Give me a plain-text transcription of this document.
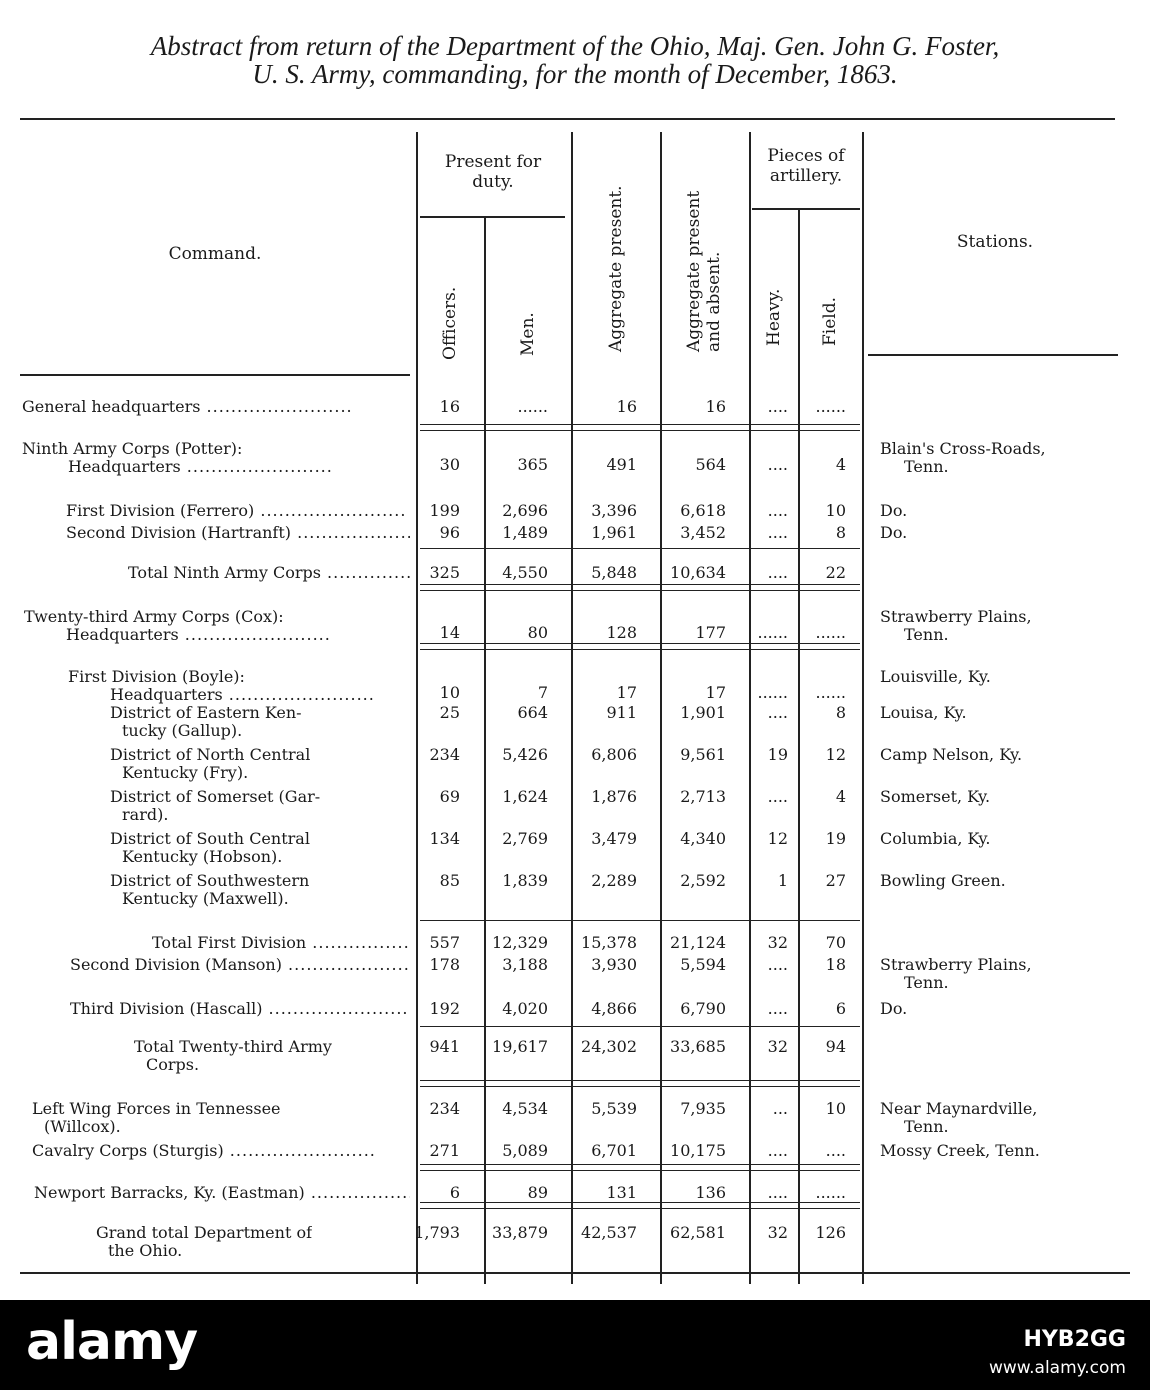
Abstract from return of the Department of the Ohio, Maj. Gen. John G. Foster,
U. S. Army, commanding, for the month of December, 1863.
Command.
Present for
duty.
Officers.	Men.	Aggregate present.	Aggregate present and absent.
Pieces of
artillery.
Heavy. Field.
Stations.
General headquarters .....	16	......	16	16	....	......
Ninth Army Corps (Potter):
Headquarters .....	30	365	491	564	....	4
Blain's Cross-Roads,
Tenn.
First Division (Ferrero) .....	199	2,696	3,396	6,618	....	10 Do.
Second Division (Hartranft) .....	96	1,489	1,961	3,452	....	8 Do.
Total Ninth Army Corps .....	325	4,550	5,848	10,634	....	22
Twenty-third Army Corps (Cox):
Headquarters .....	14	80	128	177	......	......
Strawberry Plains,
Tenn.
First Division (Boyle):
Headquarters .....	10	7	17	17	......	......
Louisville, Ky.
District of Eastern Ken-
tucky (Gallup).
25	664	911	1,901	....	8 Louisa, Ky.
District of North Central
Kentucky (Fry).
234	5,426	6,806	9,561	19	12 Camp Nelson, Ky.
District of Somerset (Gar-
rard).
69	1,624	1,876	2,713	....	4 Somerset, Ky.
District of South Central
Kentucky (Hobson).
134	2,769	3,479	4,340	12	19 Columbia, Ky.
District of Southwestern
Kentucky (Maxwell).
85	1,839	2,289	2,592	1	27 Bowling Green.
Total First Division .....	557	12,329	15,378	21,124	32	70
Second Division (Manson) .....	178	3,188	3,930	5,594	....	18 Strawberry Plains,
Tenn.
Third Division (Hascall) .....	192	4,020	4,866	6,790	....	6 Do.
Total Twenty-third Army
Corps.
941	19,617	24,302	33,685	32	94
Left Wing Forces in Tennessee
(Willcox).
234	4,534	5,539	7,935	...	10 Near Maynardville,
Tenn.
Cavalry Corps (Sturgis) .....	271	5,089	6,701	10,175	....	.... Mossy Creek, Tenn.
Newport Barracks, Ky. (Eastman) .....	6	89	131	136	....	......
Grand total Department of
the Ohio.
1,793	33,879	42,537	62,581	32	126
alamy	HYB2GG
www.alamy.com
